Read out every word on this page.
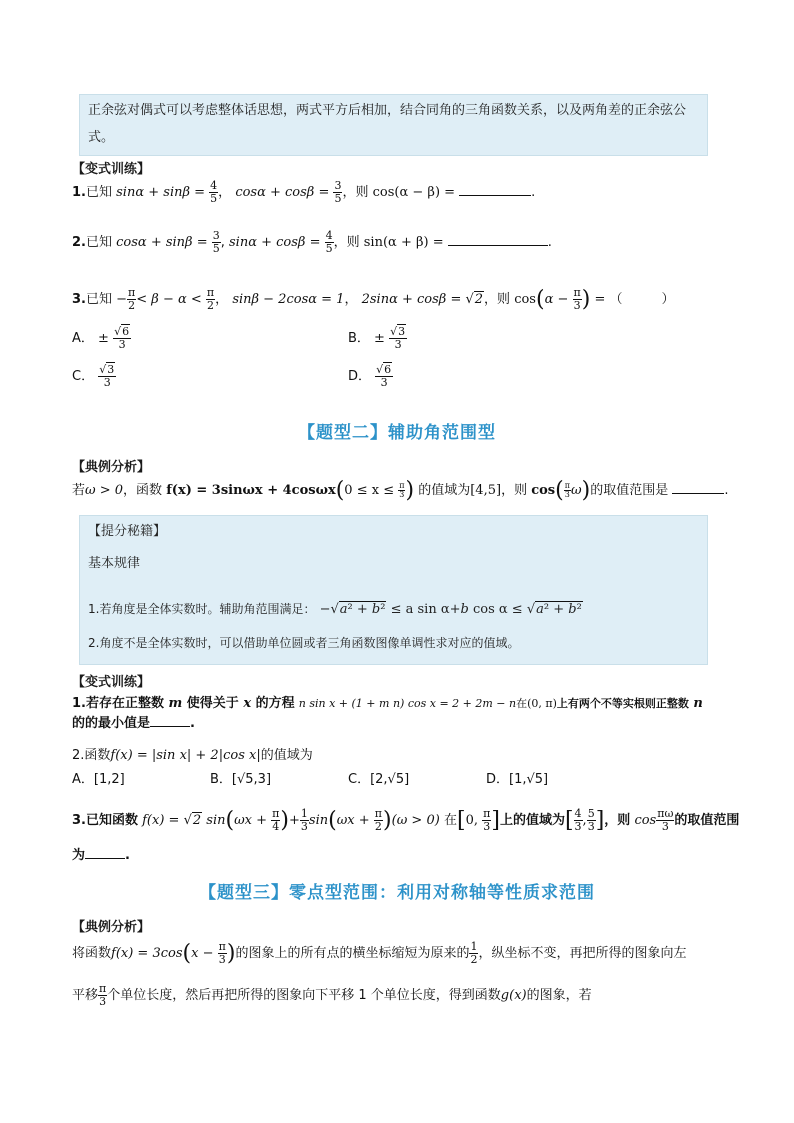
正余弦对偶式可以考虑整体话思想，两式平方后相加，结合同角的三角函数关系，以及两角差的正余弦公式。
【变式训练】
1.已知 $\sin\alpha + \sin\beta = \frac{4}{5}$ ， $\cos\alpha + \cos\beta = \frac{3}{5}$ ，则 cos(α − β) =	.
2.已知 $\cos\alpha + \sin\beta = \frac{3}{5}$ , $\sin\alpha + \cos\beta = \frac{4}{5}$ ，则 sin(α + β) =	.
3.已知 − $\frac{\pi}{2} < \beta - \alpha < \frac{\pi}{2}$ ， sinβ − 2cosα = 1， 2sinα + cosβ = √2，则 $\cos(\alpha - \frac{\pi}{3}$ ) = （　　　）
A． ± $\frac{√6}{3}$	B． ± $\frac{√3}{3}$
C． $\frac{√3}{3}$	D． $\frac{√6}{3}$
【题型二】辅助角范围型
【典例分析】
若ω > 0，函数 $f(x) = 3\sin\omega x + 4\cos\omega x(0 \le x \le \frac{\pi}{3}$ ) 的值域为[4,5]，则 $\cos( \frac{\pi}{3} \omega)$的取值范围是	.
【提分秘籍】
基本规律
1.若角度是全体实数时。辅助角范围满足： −√a² + b² ≤ a sin α+b cos α ≤ √a² + b²
2.角度不是全体实数时，可以借助单位圆或者三角函数图像单调性求对应的值域。
【变式训练】
1.若存在正整数 m 使得关于 x 的方程 n sin x + (1 + m n) cos x = 2 + 2m − n在(0, π)上有两个不等实根则正整数 n
的的最小值是	.
2.函数f(x) = |sin x| + 2|cos x|的值域为
A．[1,2]	B．[√5,3]	C．[2,√5]	D．[1,√5]
3.已知函数 f(x) = √2 $\sin(\omega x + \frac{\pi}{4}$ )+ $\frac{1}{3} \sin(\omega x + \frac{\pi}{2} )(\omega > 0)$ 在[0, $\frac{\pi}{3}$ ]上的值域为[ $\frac{4}{3}$ , $\frac{5}{3}$ ]，则 $\cos \frac{\pi\omega}{3}$ 的取值范围
为	.
【题型三】零点型范围：利用对称轴等性质求范围
【典例分析】
将函数$f(x) = 3\cos(x - \frac{\pi}{3}$ )的图象上的所有点的横坐标缩短为原来的 $\frac{1}{2}$ ，纵坐标不变，再把所得的图象向左
平移 $\frac{\pi}{3}$ 个单位长度，然后再把所得的图象向下平移 1 个单位长度，得到函数g(x)的图象，若
